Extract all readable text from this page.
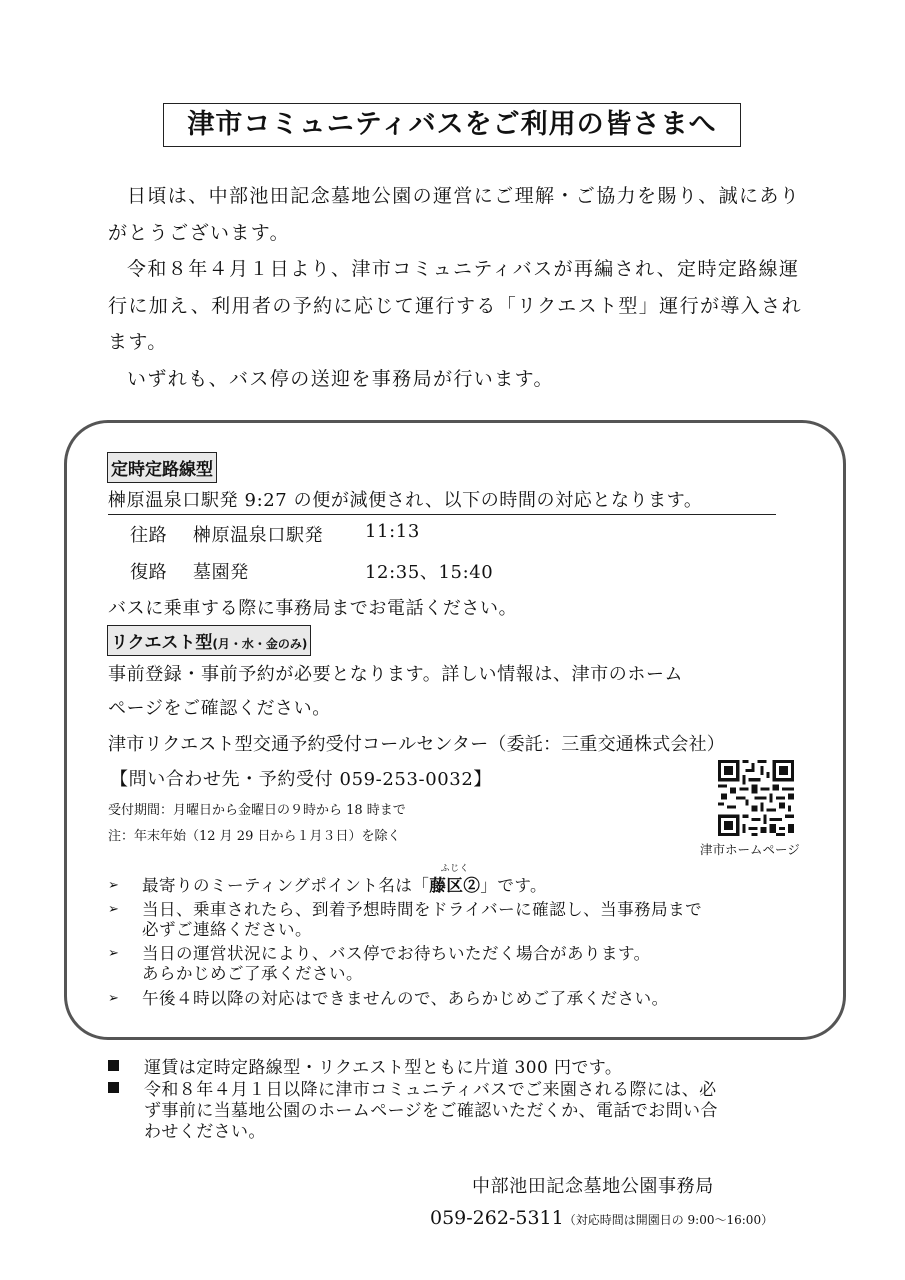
津市コミュニティバスをご利用の皆さまへ

日頃は、中部池田記念墓地公園の運営にご理解・ご協力を賜り、誠にありがとうございます。

令和８年４月１日より、津市コミュニティバスが再編され、定時定路線運行に加え、利用者の予約に応じて運行する「リクエスト型」運行が導入されます。

いずれも、バス停の送迎を事務局が行います。

定時定路線型
榊原温泉口駅発 9:27 の便が減便され、以下の時間の対応となります。
往路 榊原温泉口駅発 11:13
復路 墓園発	12:35、15:40
バスに乗車する際に事務局までお電話ください。
リクエスト型(月・水・金のみ)
事前登録・事前予約が必要となります。詳しい情報は、津市のホーム
ページをご確認ください。
津市リクエスト型交通予約受付コールセンター（委託：三重交通株式会社）
【問い合わせ先・予約受付 059-253-0032】
受付期間：月曜日から金曜日の９時から 18 時まで
注：年末年始（12 月 29 日から１月３日）を除く
津市ホームページ
➢ 最寄りのミーティングポイント名は「
ふじく
藤区②」です。
➢ 当日、乗車されたら、到着予想時間をドライバーに確認し、当事務局まで
必ずご連絡ください。
➢ 当日の運営状況により、バス停でお待ちいただく場合があります。
あらかじめご了承ください。
➢ 午後４時以降の対応はできませんので、あらかじめご了承ください。
運賃は定時定路線型・リクエスト型ともに片道 300 円です。
令和８年４月１日以降に津市コミュニティバスでご来園される際には、必
ず事前に当墓地公園のホームページをご確認いただくか、電話でお問い合
わせください。
中部池田記念墓地公園事務局
059-262-5311（対応時間は開園日の 9:00～16:00）
